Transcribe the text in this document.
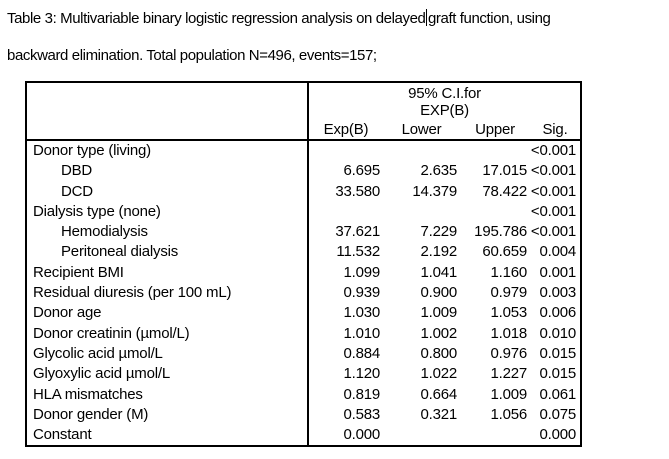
Table 3: Multivariable binary logistic regression analysis on delayed graft function, using

backward elimination. Total population N=496, events=157;

	95% C.I.for
EXP(B)			

	Exp(B)	Lower	Upper	Sig.
Donor type (living)				<0.001
DBD	6.695	2.635	17.015	<0.001
DCD	33.580	14.379	78.422	<0.001
Dialysis type (none)				<0.001
Hemodialysis	37.621	7.229	195.786	<0.001
Peritoneal dialysis	11.532	2.192	60.659	0.004
Recipient BMI	1.099	1.041	1.160	0.001
Residual diuresis (per 100 mL)	0.939	0.900	0.979	0.003
Donor age	1.030	1.009	1.053	0.006
Donor creatinin (µmol/L)	1.010	1.002	1.018	0.010
Glycolic acid µmol/L	0.884	0.800	0.976	0.015
Glyoxylic acid µmol/L	1.120	1.022	1.227	0.015
HLA mismatches	0.819	0.664	1.009	0.061
Donor gender (M)	0.583	0.321	1.056	0.075
Constant	0.000			0.000
